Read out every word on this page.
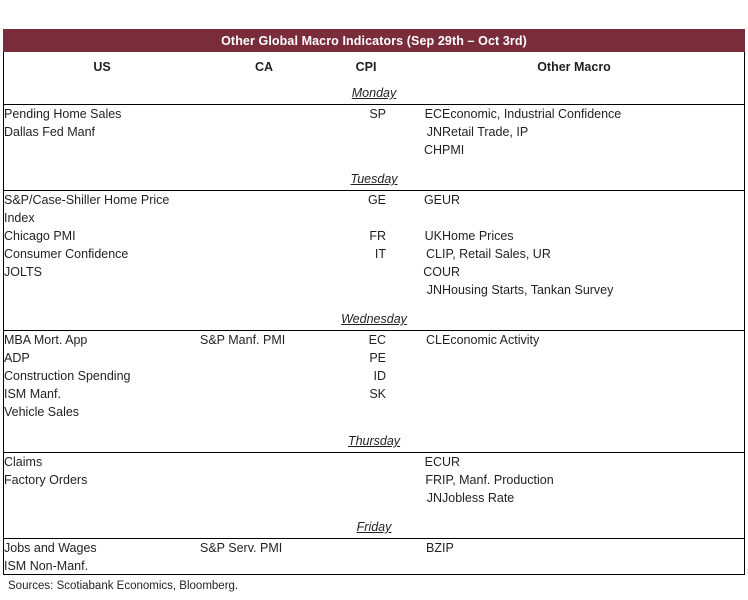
Other Global Macro Indicators (Sep 29th – Oct 3rd)
US	CA	CPI		Other Macro	
Monday					

Pending Home Sales		SP		EC	Economic, Industrial Confidence
Dallas Fed Manf				JN	Retail Trade, IP
				CH	PMI

Tuesday					

S&P/Case-Shiller Home Price Index		GE		GE	UR
Chicago PMI		FR		UK	Home Prices
Consumer Confidence		IT		CL	IP, Retail Sales, UR
JOLTS				CO	UR
				JN	Housing Starts, Tankan Survey

Wednesday					

MBA Mort. App	S&P Manf. PMI	EC		CL	Economic Activity
ADP		PE			
Construction Spending		ID			
ISM Manf.		SK			
Vehicle Sales					

Thursday					

Claims				EC	UR
Factory Orders				FR	IP, Manf. Production
				JN	Jobless Rate

Friday					

Jobs and Wages	S&P Serv. PMI			BZ	IP
ISM Non-Manf.					
Sources: Scotiabank Economics, Bloomberg.
